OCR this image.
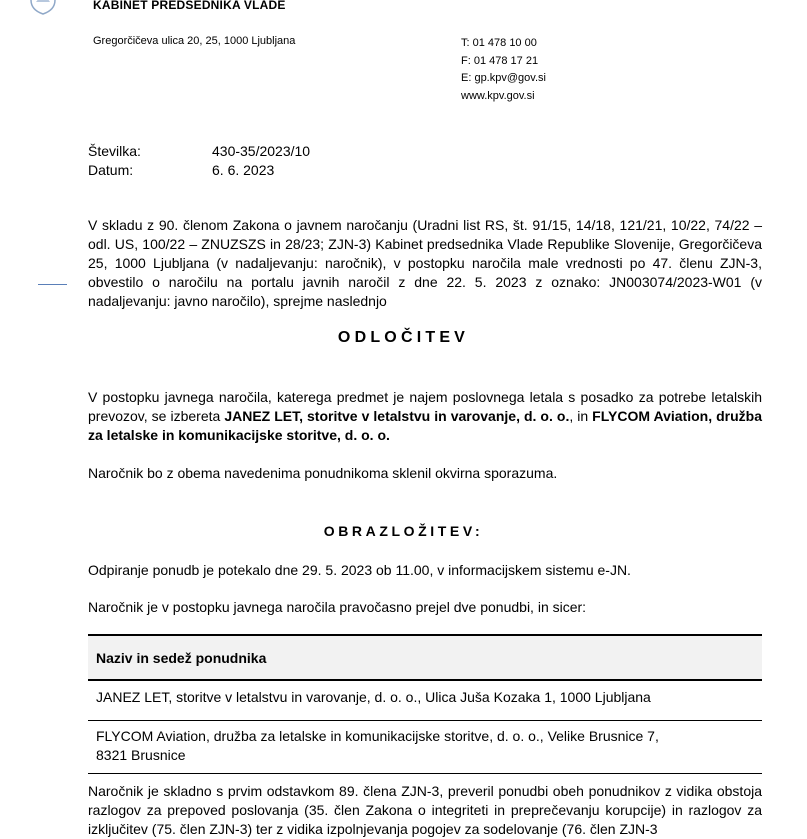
KABINET PREDSEDNIKA VLADE
Gregorčičeva ulica 20, 25, 1000 Ljubljana	T: 01 478 10 00
F: 01 478 17 21
E: gp.kpv@gov.si
www.kpv.gov.si
Številka:	430-35/2023/10
Datum:	6. 6. 2023
V skladu z 90. členom Zakona o javnem naročanju (Uradni list RS, št. 91/15, 14/18, 121/21, 10/22, 74/22 – odl. US, 100/22 – ZNUZSZS in 28/23; ZJN-3) Kabinet predsednika Vlade Republike Slovenije, Gregorčičeva 25, 1000 Ljubljana (v nadaljevanju: naročnik), v postopku naročila male vrednosti po 47. členu ZJN-3, obvestilo o naročilu na portalu javnih naročil z dne 22. 5. 2023 z oznako: JN003074/2023-W01 (v nadaljevanju: javno naročilo), sprejme naslednjo
ODLOČITEV
V postopku javnega naročila, katerega predmet je najem poslovnega letala s posadko za potrebe letalskih prevozov, se izbereta JANEZ LET, storitve v letalstvu in varovanje, d. o. o., in FLYCOM Aviation, družba za letalske in komunikacijske storitve, d. o. o.
Naročnik bo z obema navedenima ponudnikoma sklenil okvirna sporazuma.
OBRAZLOŽITEV:
Odpiranje ponudb je potekalo dne 29. 5. 2023 ob 11.00, v informacijskem sistemu e-JN.
Naročnik je v postopku javnega naročila pravočasno prejel dve ponudbi, in sicer:
Naziv in sedež ponudnika
JANEZ LET, storitve v letalstvu in varovanje, d. o. o., Ulica Juša Kozaka 1, 1000 Ljubljana
FLYCOM Aviation, družba za letalske in komunikacijske storitve, d. o. o., Velike Brusnice 7,
8321 Brusnice
Naročnik je skladno s prvim odstavkom 89. člena ZJN-3, preveril ponudbi obeh ponudnikov z vidika obstoja razlogov za prepoved poslovanja (35. člen Zakona o integriteti in preprečevanju korupcije) in razlogov za izključitev (75. člen ZJN-3) ter z vidika izpolnjevanja pogojev za sodelovanje (76. člen ZJN-3
